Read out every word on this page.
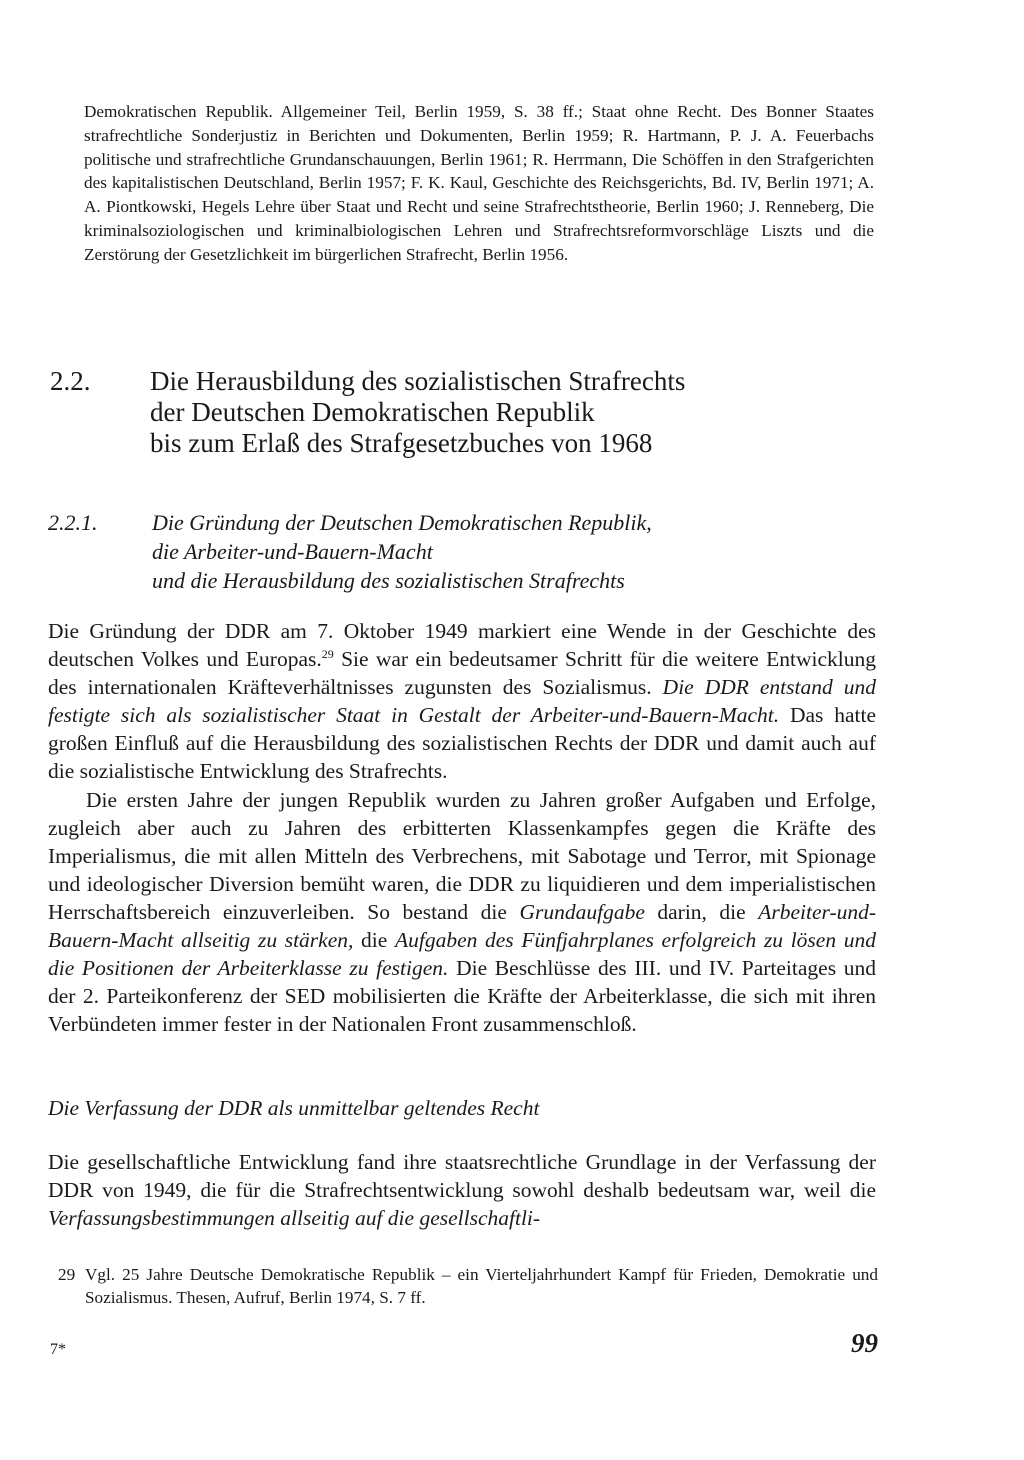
Demokratischen Republik. Allgemeiner Teil, Berlin 1959, S. 38 ff.; Staat ohne Recht. Des Bonner Staates strafrechtliche Sonderjustiz in Berichten und Dokumenten, Berlin 1959; R. Hartmann, P. J. A. Feuerbachs politische und strafrechtliche Grundanschauungen, Berlin 1961; R. Herrmann, Die Schöffen in den Strafgerichten des kapitalistischen Deutschland, Berlin 1957; F. K. Kaul, Geschichte des Reichsgerichts, Bd. IV, Berlin 1971; A. A. Piontkowski, Hegels Lehre über Staat und Recht und seine Strafrechtstheorie, Berlin 1960; J. Renneberg, Die kriminalsoziologischen und kriminalbiologischen Lehren und Strafrechtsreformvorschläge Liszts und die Zerstörung der Gesetzlichkeit im bürgerlichen Strafrecht, Berlin 1956.

2.2. Die Herausbildung des sozialistischen Strafrechts
der Deutschen Demokratischen Republik
bis zum Erlaß des Strafgesetzbuches von 1968
2.2.1. Die Gründung der Deutschen Demokratischen Republik,
die Arbeiter-und-Bauern-Macht
und die Herausbildung des sozialistischen Strafrechts

Die Gründung der DDR am 7. Oktober 1949 markiert eine Wende in der Geschichte des deutschen Volkes und Europas.$^{29}$ Sie war ein bedeutsamer Schritt für die weitere Entwicklung des internationalen Kräfteverhältnisses zugunsten des Sozialismus. Die DDR entstand und festigte sich als sozialistischer Staat in Gestalt der Arbeiter-und-Bauern-Macht. Das hatte großen Einfluß auf die Herausbildung des sozialistischen Rechts der DDR und damit auch auf die sozialistische Entwicklung des Strafrechts.

Die ersten Jahre der jungen Republik wurden zu Jahren großer Aufgaben und Erfolge, zugleich aber auch zu Jahren des erbitterten Klassenkampfes gegen die Kräfte des Imperialismus, die mit allen Mitteln des Verbrechens, mit Sabotage und Terror, mit Spionage und ideologischer Diversion bemüht waren, die DDR zu liquidieren und dem imperialistischen Herrschaftsbereich einzuverleiben. So bestand die Grundaufgabe darin, die Arbeiter-und-Bauern-Macht allseitig zu stärken, die Aufgaben des Fünfjahrplanes erfolgreich zu lösen und die Positionen der Arbeiterklasse zu festigen. Die Beschlüsse des III. und IV. Parteitages und der 2. Parteikonferenz der SED mobilisierten die Kräfte der Arbeiterklasse, die sich mit ihren Verbündeten immer fester in der Nationalen Front zusammenschloß.

Die Verfassung der DDR als unmittelbar geltendes Recht

Die gesellschaftliche Entwicklung fand ihre staatsrechtliche Grundlage in der Verfassung der DDR von 1949, die für die Strafrechtsentwicklung sowohl deshalb bedeutsam war, weil die Verfassungsbestimmungen allseitig auf die gesellschaftli-

29 Vgl. 25 Jahre Deutsche Demokratische Republik – ein Vierteljahrhundert Kampf für Frieden, Demokratie und Sozialismus. Thesen, Aufruf, Berlin 1974, S. 7 ff.
7*	99
